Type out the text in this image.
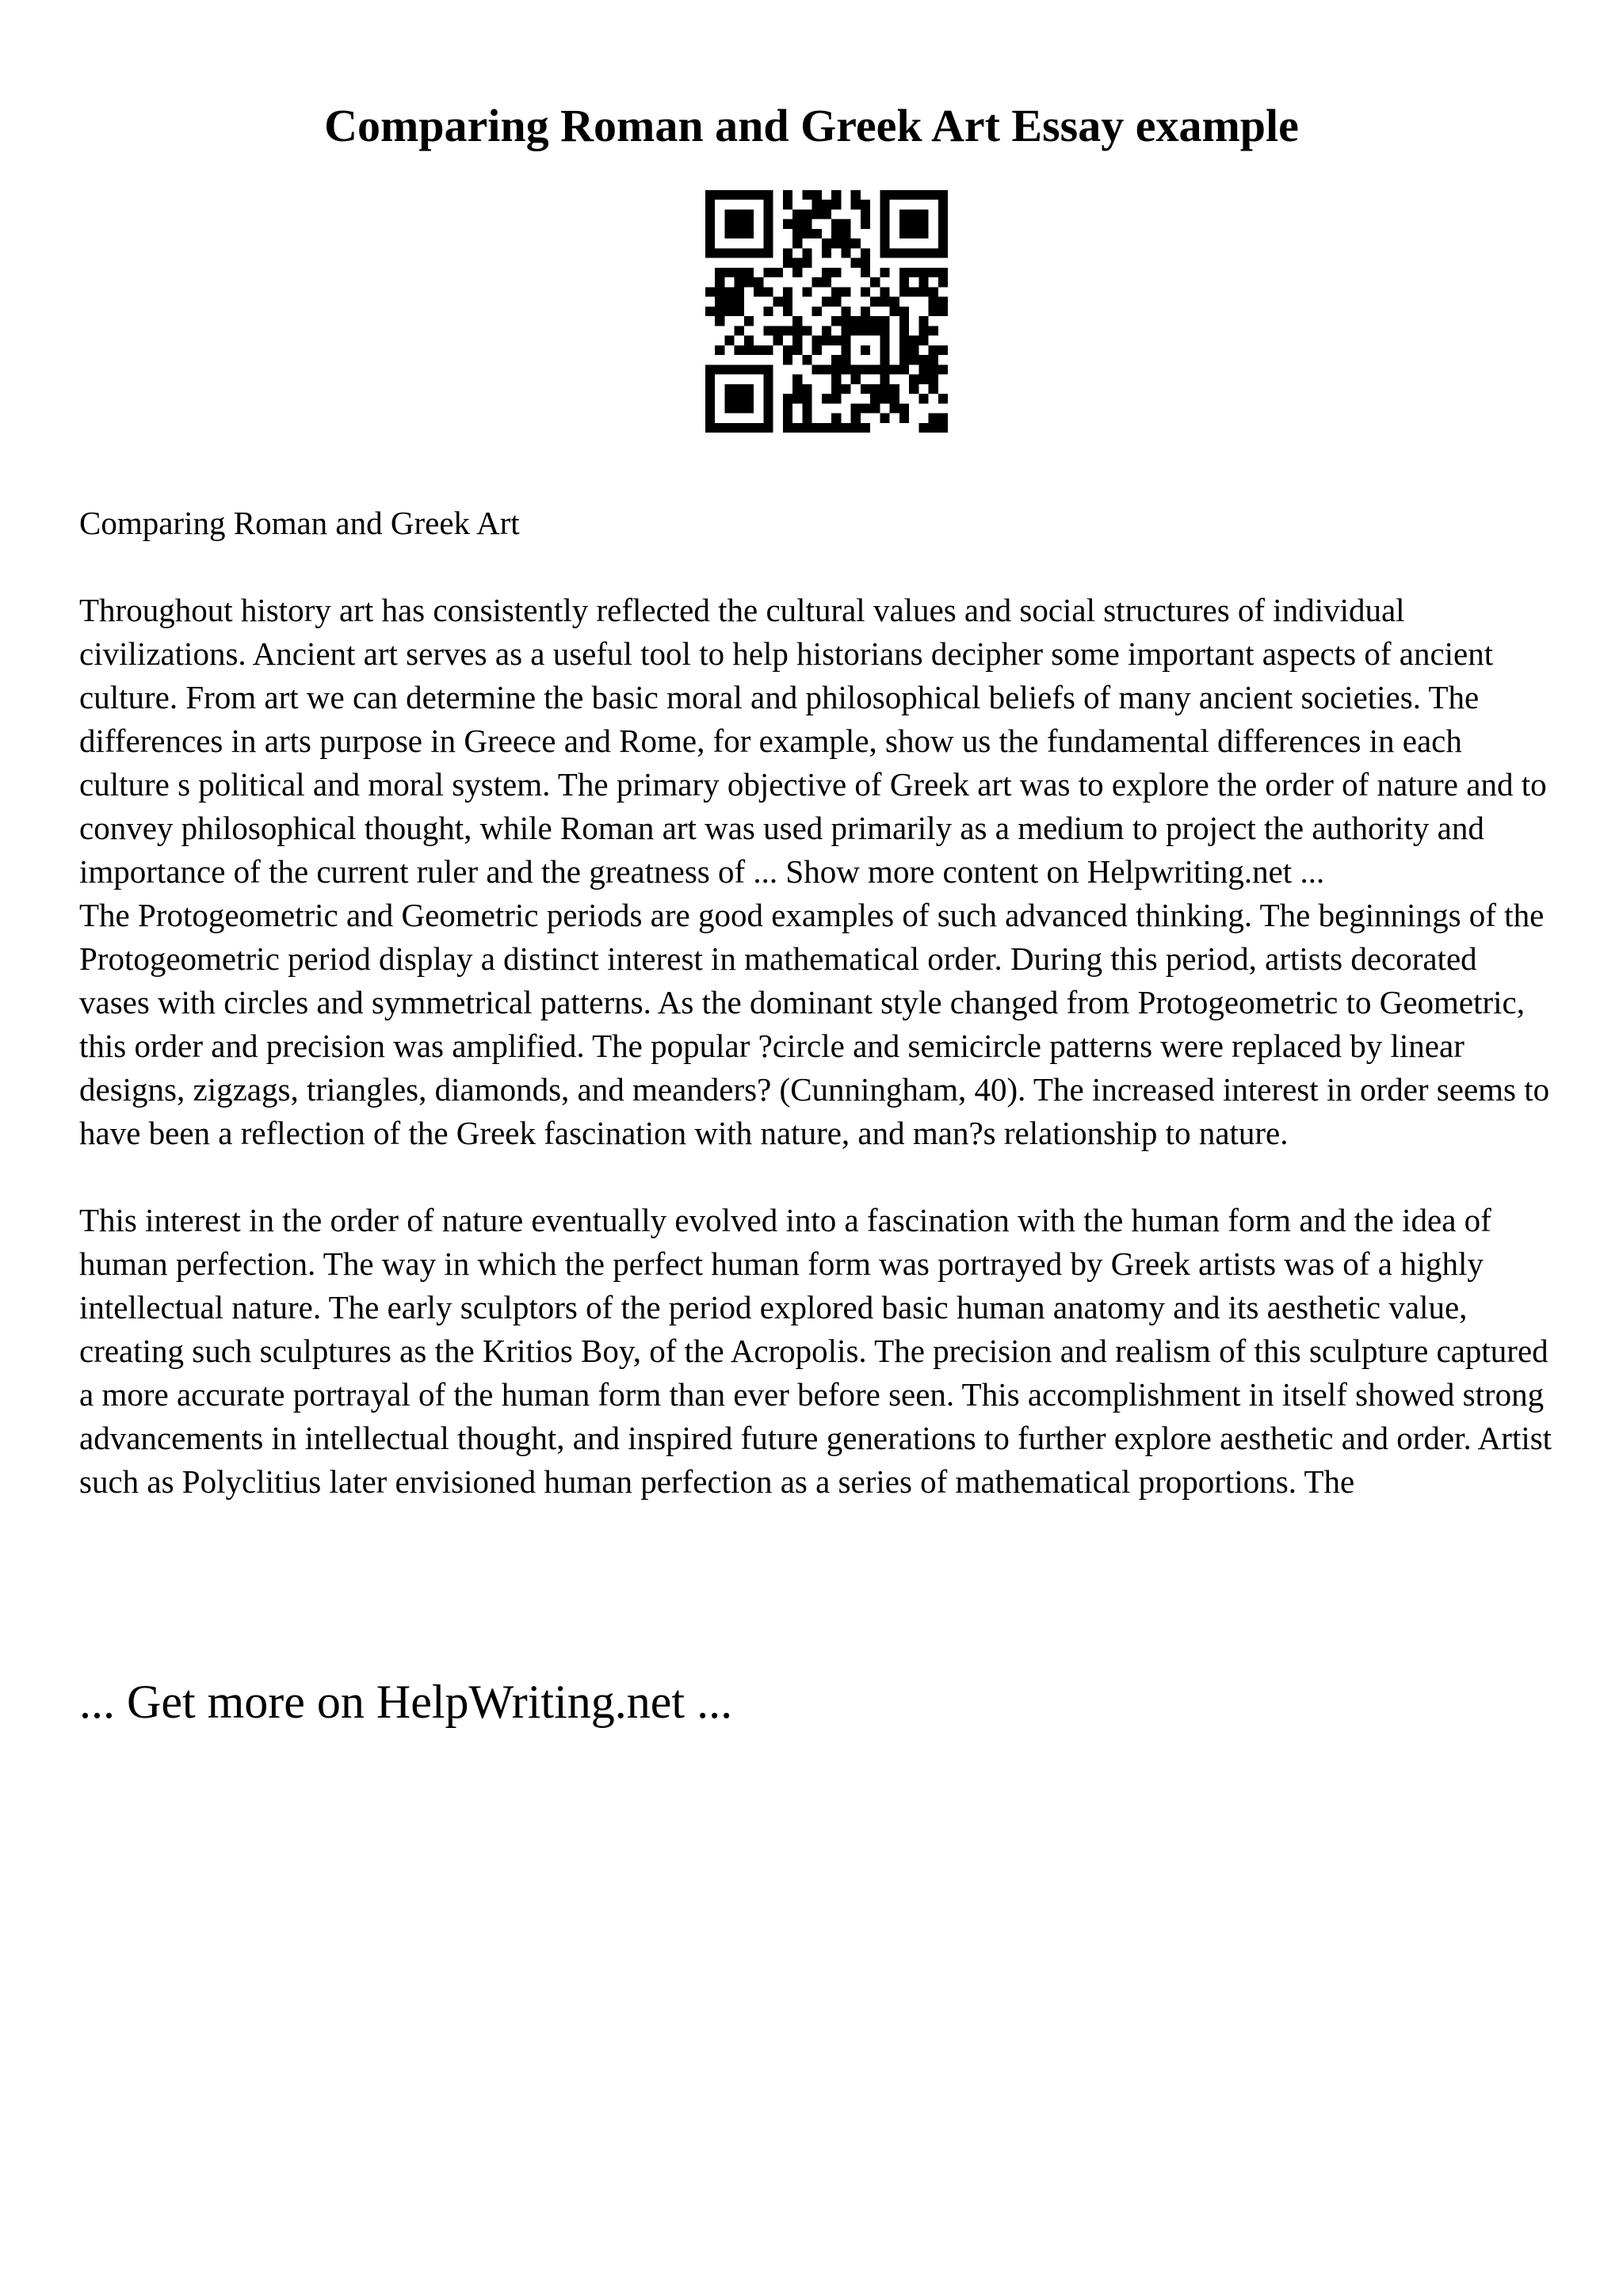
Comparing Roman and Greek Art Essay example

Comparing Roman and Greek Art

Throughout history art has consistently reflected the cultural values and social structures of individual civilizations. Ancient art serves as a useful tool to help historians decipher some important aspects of ancient culture. From art we can determine the basic moral and philosophical beliefs of many ancient societies. The differences in arts purpose in Greece and Rome, for example, show us the fundamental differences in each culture s political and moral system. The primary objective of Greek art was to explore the order of nature and to convey philosophical thought, while Roman art was used primarily as a medium to project the authority and importance of the current ruler and the greatness of ... Show more content on Helpwriting.net ...

The Protogeometric and Geometric periods are good examples of such advanced thinking. The beginnings of the Protogeometric period display a distinct interest in mathematical order. During this period, artists decorated vases with circles and symmetrical patterns. As the dominant style changed from Protogeometric to Geometric, this order and precision was amplified. The popular ?circle and semicircle patterns were replaced by linear designs, zigzags, triangles, diamonds, and meanders? (Cunningham, 40). The increased interest in order seems to have been a reflection of the Greek fascination with nature, and man?s relationship to nature.

This interest in the order of nature eventually evolved into a fascination with the human form and the idea of human perfection. The way in which the perfect human form was portrayed by Greek artists was of a highly intellectual nature. The early sculptors of the period explored basic human anatomy and its aesthetic value, creating such sculptures as the Kritios Boy, of the Acropolis. The precision and realism of this sculpture captured a more accurate portrayal of the human form than ever before seen. This accomplishment in itself showed strong advancements in intellectual thought, and inspired future generations to further explore aesthetic and order. Artist such as Polyclitius later envisioned human perfection as a series of mathematical proportions. The

... Get more on HelpWriting.net ...
